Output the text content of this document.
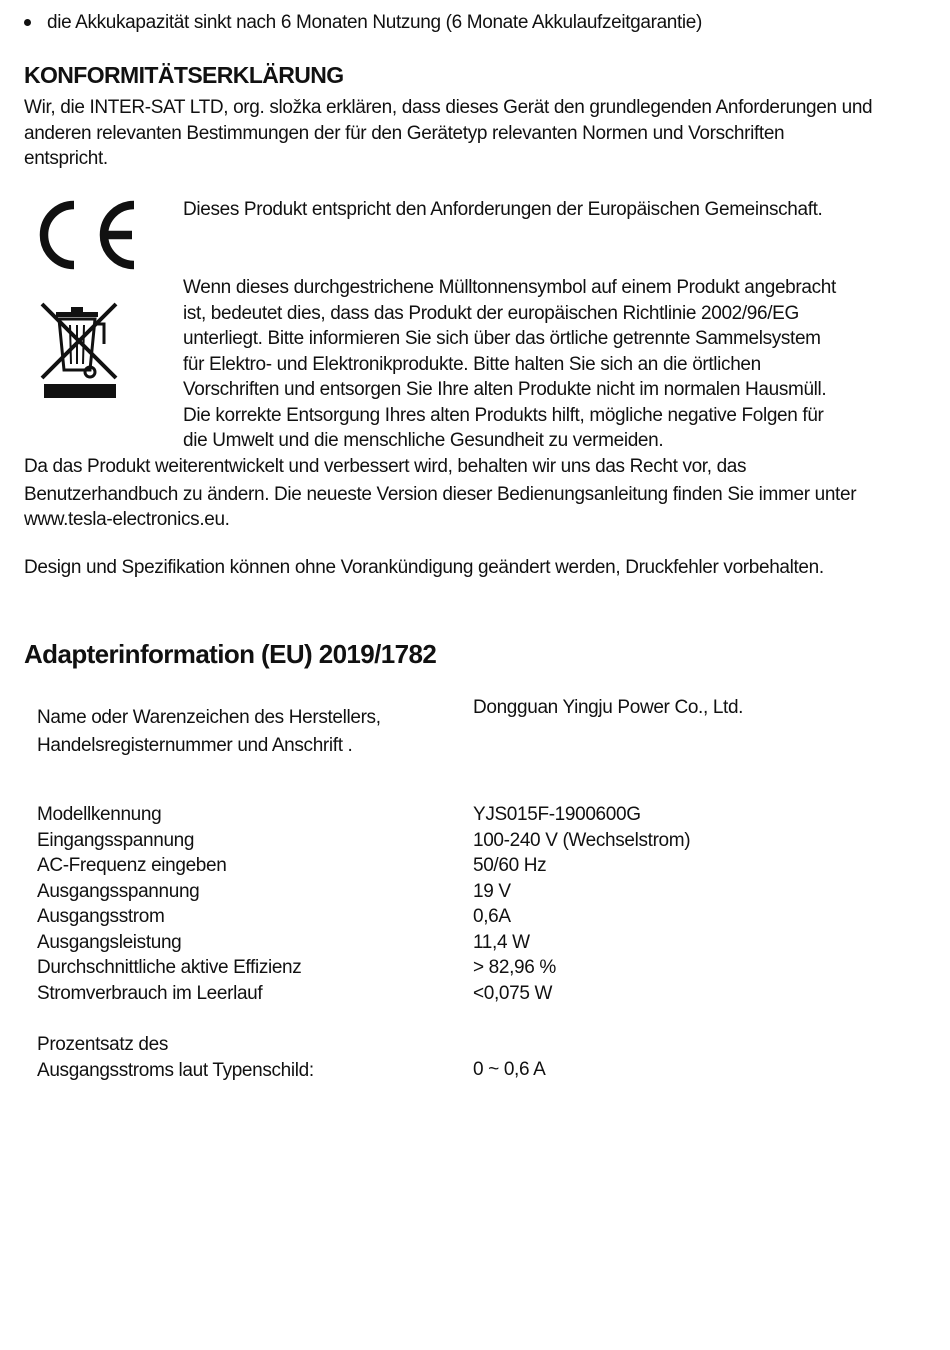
die Akkukapazität sinkt nach 6 Monaten Nutzung (6 Monate Akkulaufzeitgarantie)
KONFORMITÄTSERKLÄRUNG
Wir, die INTER-SAT LTD, org. složka erklären, dass dieses Gerät den grundlegenden Anforderungen und
anderen relevanten Bestimmungen der für den Gerätetyp relevanten Normen und Vorschriften
entspricht.
Dieses Produkt entspricht den Anforderungen der Europäischen Gemeinschaft.
Wenn dieses durchgestrichene Mülltonnensymbol auf einem Produkt angebracht
ist, bedeutet dies, dass das Produkt der europäischen Richtlinie 2002/96/EG
unterliegt. Bitte informieren Sie sich über das örtliche getrennte Sammelsystem
für Elektro- und Elektronikprodukte. Bitte halten Sie sich an die örtlichen
Vorschriften und entsorgen Sie Ihre alten Produkte nicht im normalen Hausmüll.
Die korrekte Entsorgung Ihres alten Produkts hilft, mögliche negative Folgen für
die Umwelt und die menschliche Gesundheit zu vermeiden.
Da das Produkt weiterentwickelt und verbessert wird, behalten wir uns das Recht vor, das
Benutzerhandbuch zu ändern. Die neueste Version dieser Bedienungsanleitung finden Sie immer unter
www.tesla-electronics.eu.
Design und Spezifikation können ohne Vorankündigung geändert werden, Druckfehler vorbehalten.
Adapterinformation (EU) 2019/1782
Name oder Warenzeichen des Herstellers,
Handelsregisternummer und Anschrift .
Dongguan Yingju Power Co., Ltd.
Modellkennung
Eingangsspannung
AC-Frequenz eingeben
Ausgangsspannung
Ausgangsstrom
Ausgangsleistung
Durchschnittliche aktive Effizienz
Stromverbrauch im Leerlauf
YJS015F-1900600G
100-240 V (Wechselstrom)
50/60 Hz
19 V
0,6A
11,4 W
> 82,96 %
<0,075 W
Prozentsatz des
Ausgangsstroms laut Typenschild:	0 ~ 0,6 A
